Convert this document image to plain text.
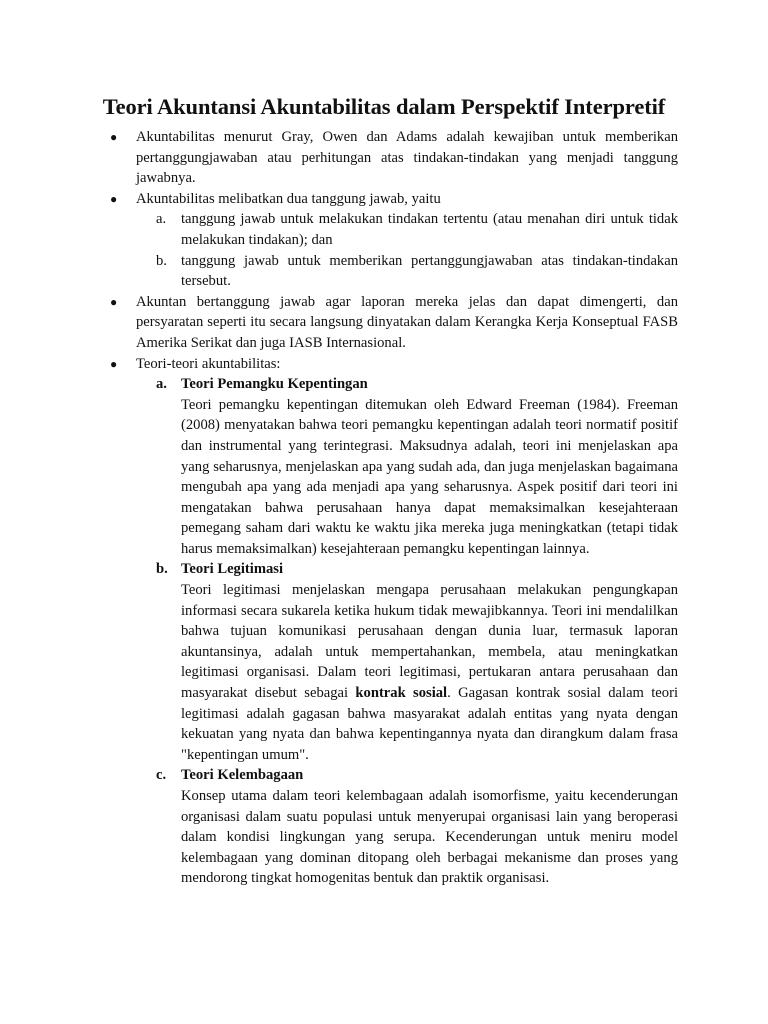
Teori Akuntansi Akuntabilitas dalam Perspektif Interpretif
● Akuntabilitas menurut Gray, Owen dan Adams adalah kewajiban untuk memberikan pertanggungjawaban atau perhitungan atas tindakan-tindakan yang menjadi tanggung jawabnya.
● Akuntabilitas melibatkan dua tanggung jawab, yaitu
a. tanggung jawab untuk melakukan tindakan tertentu (atau menahan diri untuk tidak melakukan tindakan); dan
b. tanggung jawab untuk memberikan pertanggungjawaban atas tindakan-tindakan tersebut.
● Akuntan bertanggung jawab agar laporan mereka jelas dan dapat dimengerti, dan persyaratan seperti itu secara langsung dinyatakan dalam Kerangka Kerja Konseptual FASB Amerika Serikat dan juga IASB Internasional.
● Teori-teori akuntabilitas:
a. Teori Pemangku Kepentingan
Teori pemangku kepentingan ditemukan oleh Edward Freeman (1984). Freeman (2008) menyatakan bahwa teori pemangku kepentingan adalah teori normatif positif dan instrumental yang terintegrasi. Maksudnya adalah, teori ini menjelaskan apa yang seharusnya, menjelaskan apa yang sudah ada, dan juga menjelaskan bagaimana mengubah apa yang ada menjadi apa yang seharusnya. Aspek positif dari teori ini mengatakan bahwa perusahaan hanya dapat memaksimalkan kesejahteraan pemegang saham dari waktu ke waktu jika mereka juga meningkatkan (tetapi tidak harus memaksimalkan) kesejahteraan pemangku kepentingan lainnya.
b. Teori Legitimasi
Teori legitimasi menjelaskan mengapa perusahaan melakukan pengungkapan informasi secara sukarela ketika hukum tidak mewajibkannya. Teori ini mendalilkan bahwa tujuan komunikasi perusahaan dengan dunia luar, termasuk laporan akuntansinya, adalah untuk mempertahankan, membela, atau meningkatkan legitimasi organisasi. Dalam teori legitimasi, pertukaran antara perusahaan dan masyarakat disebut sebagai kontrak sosial. Gagasan kontrak sosial dalam teori legitimasi adalah gagasan bahwa masyarakat adalah entitas yang nyata dengan kekuatan yang nyata dan bahwa kepentingannya nyata dan dirangkum dalam frasa "kepentingan umum".
c. Teori Kelembagaan
Konsep utama dalam teori kelembagaan adalah isomorfisme, yaitu kecenderungan organisasi dalam suatu populasi untuk menyerupai organisasi lain yang beroperasi dalam kondisi lingkungan yang serupa. Kecenderungan untuk meniru model kelembagaan yang dominan ditopang oleh berbagai mekanisme dan proses yang mendorong tingkat homogenitas bentuk dan praktik organisasi.
